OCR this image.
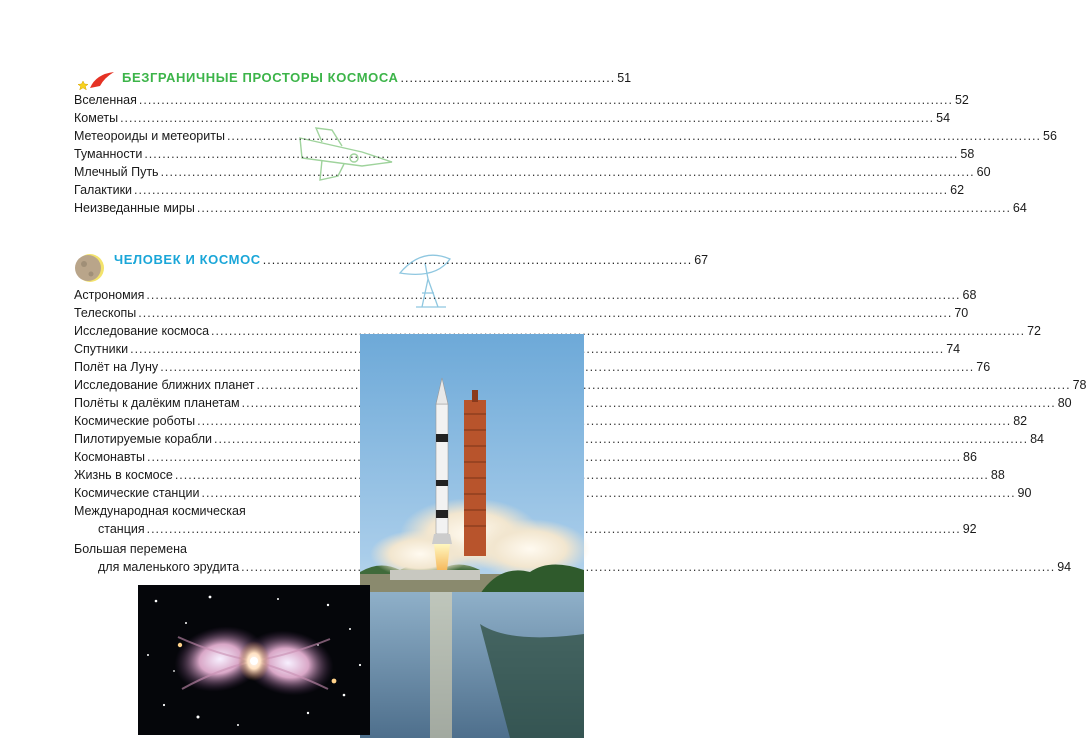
БЕЗГРАНИЧНЫЕ ПРОСТОРЫ КОСМОСА ................................................ 51
Вселенная .....	52
Кометы .....	54
Метеороиды и метеориты .....	56
Туманности .....	58
Млечный Путь .....	60
Галактики .....	62
Неизведанные миры .....	64
ЧЕЛОВЕК И КОСМОС ................................................................................................ 67
Астрономия .....	68
Телескопы .....	70
Исследование космоса .....	72
Спутники .....	74
Полёт на Луну .....	76
Исследование ближних планет .....	78
Полёты к далёким планетам .....	80
Космические роботы .....	82
Пилотируемые корабли .....	84
Космонавты .....	86
Жизнь в космосе .....	88
Космические станции .....	90
Международная космическая
станция .....	92
Большая перемена
для маленького эрудита .....	94
